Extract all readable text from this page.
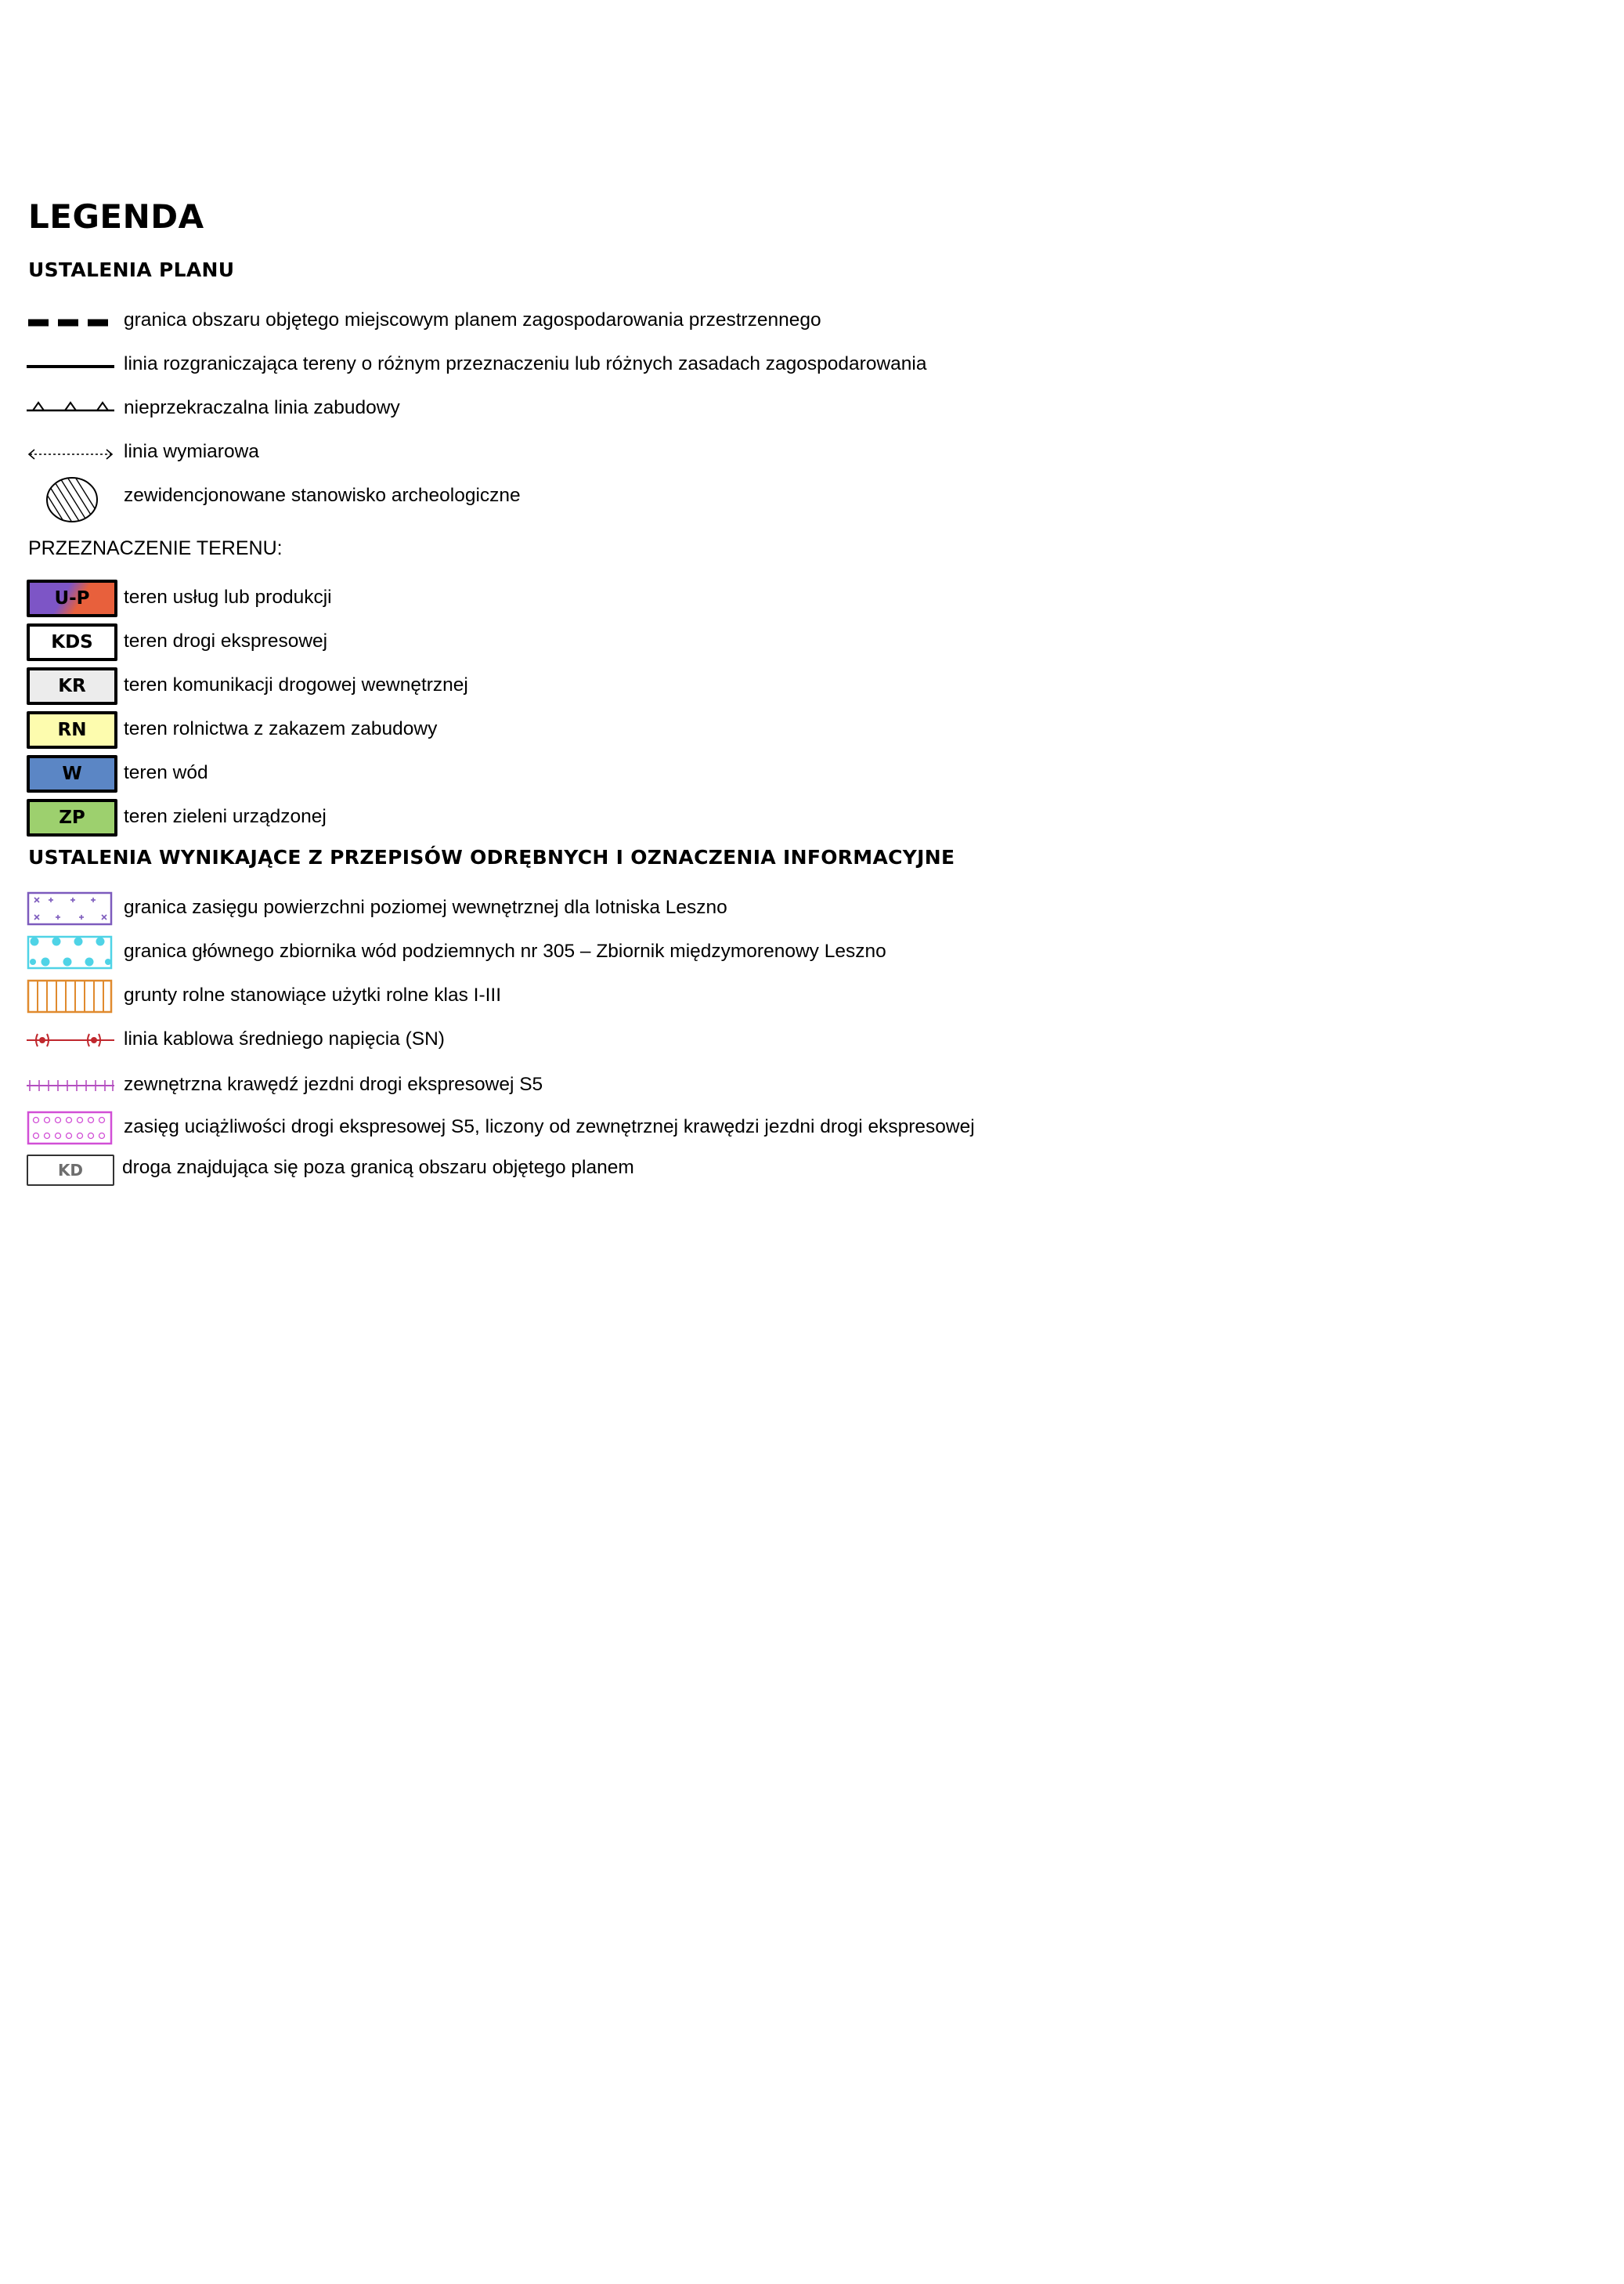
LEGENDA
USTALENIA PLANU
granica obszaru objętego miejscowym planem zagospodarowania przestrzennego
linia rozgraniczająca tereny o różnym przeznaczeniu lub różnych zasadach zagospodarowania
nieprzekraczalna linia zabudowy
linia wymiarowa
zewidencjonowane stanowisko archeologiczne
PRZEZNACZENIE TERENU:
U-P	teren usług lub produkcji
KDS	teren drogi ekspresowej
KR	teren komunikacji drogowej wewnętrznej
RN	teren rolnictwa z zakazem zabudowy
W	teren wód
ZP	teren zieleni urządzonej
USTALENIA WYNIKAJĄCE Z PRZEPISÓW ODRĘBNYCH I OZNACZENIA INFORMACYJNE
granica zasięgu powierzchni poziomej wewnętrznej dla lotniska Leszno
granica głównego zbiornika wód podziemnych nr 305 – Zbiornik międzymorenowy Leszno
grunty rolne stanowiące użytki rolne klas I-III
linia kablowa średniego napięcia (SN)
zewnętrzna krawędź jezdni drogi ekspresowej S5
zasięg uciążliwości drogi ekspresowej S5, liczony od zewnętrznej krawędzi jezdni drogi ekspresowej
KD	droga znajdująca się poza granicą obszaru objętego planem
